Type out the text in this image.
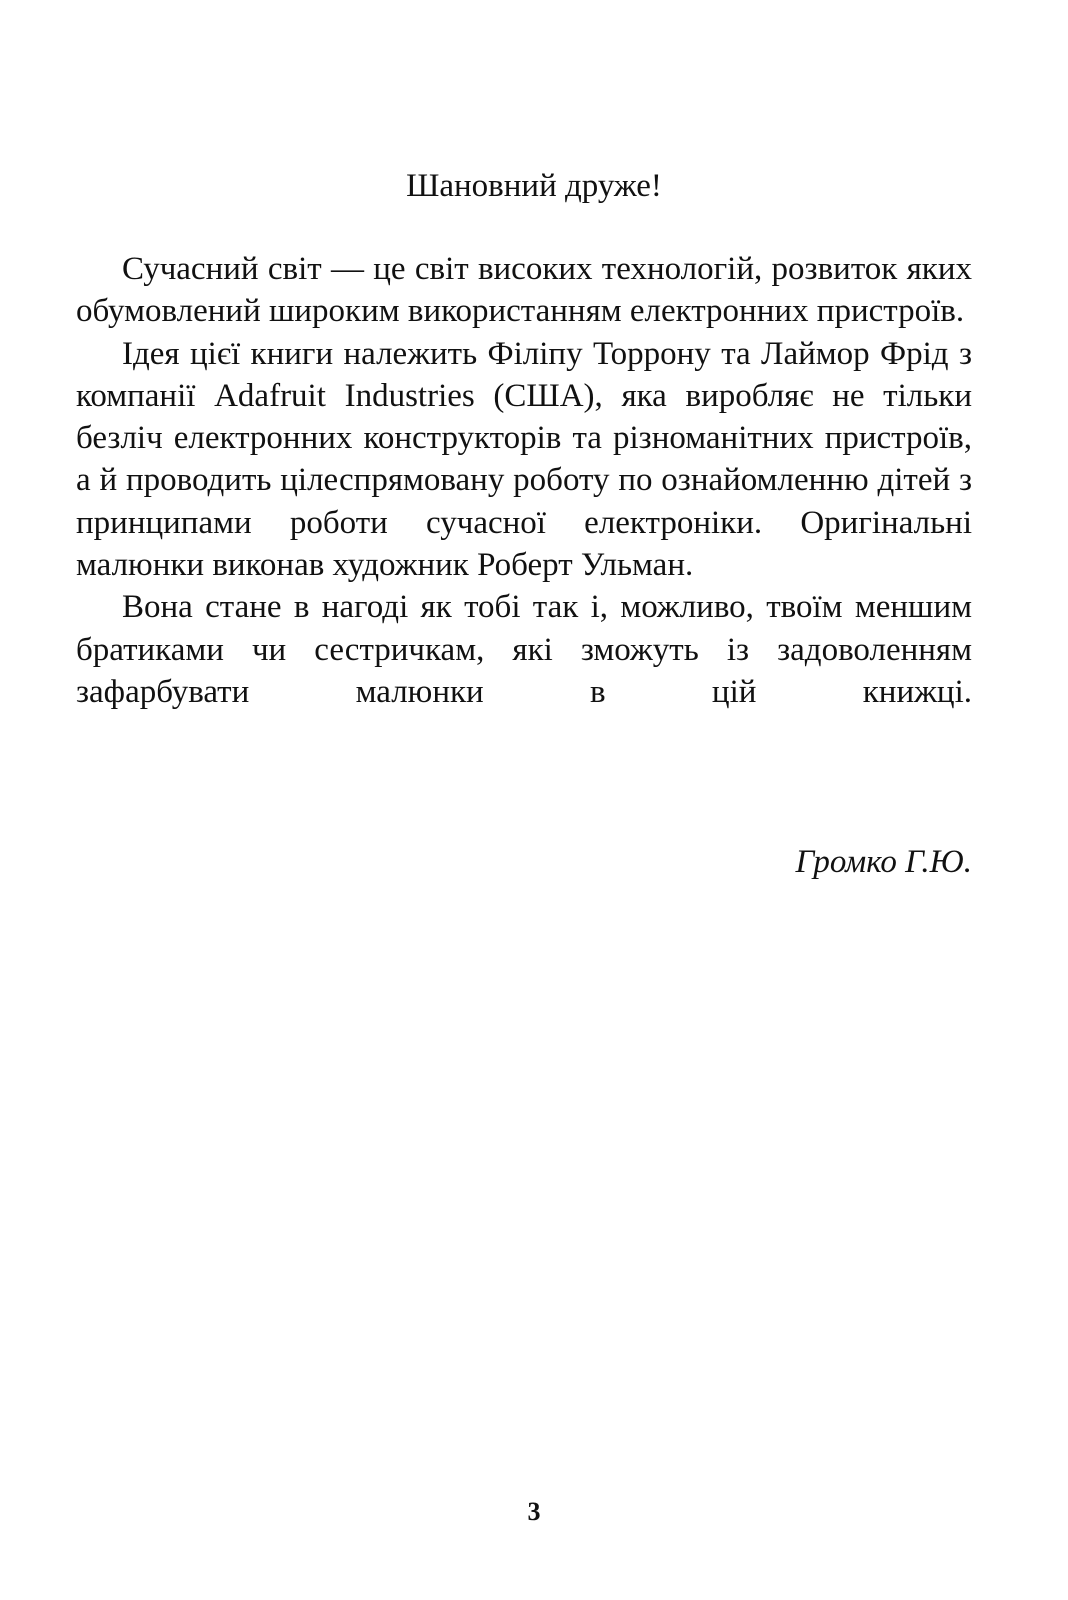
Шановний друже!

Сучасний світ — це світ високих технологій, розвиток яких обумовлений широким використанням електронних пристроїв.

Ідея цієї книги належить Філіпу Торрону та Лаймор Фрід з компанії Adafruit Industries (США), яка виробляє не тільки безліч електронних конструкторів та різноманітних пристроїв, а й проводить цілеспрямовану роботу по ознайомленню дітей з принципами роботи сучасної електроніки. Оригінальні малюнки виконав художник Роберт Ульман.

Вона стане в нагоді як тобі так і, можливо, твоїм меншим братиками чи сестричкам, які зможуть із задоволенням зафарбувати малюнки в цій книжці.

Громко Г.Ю.

3
